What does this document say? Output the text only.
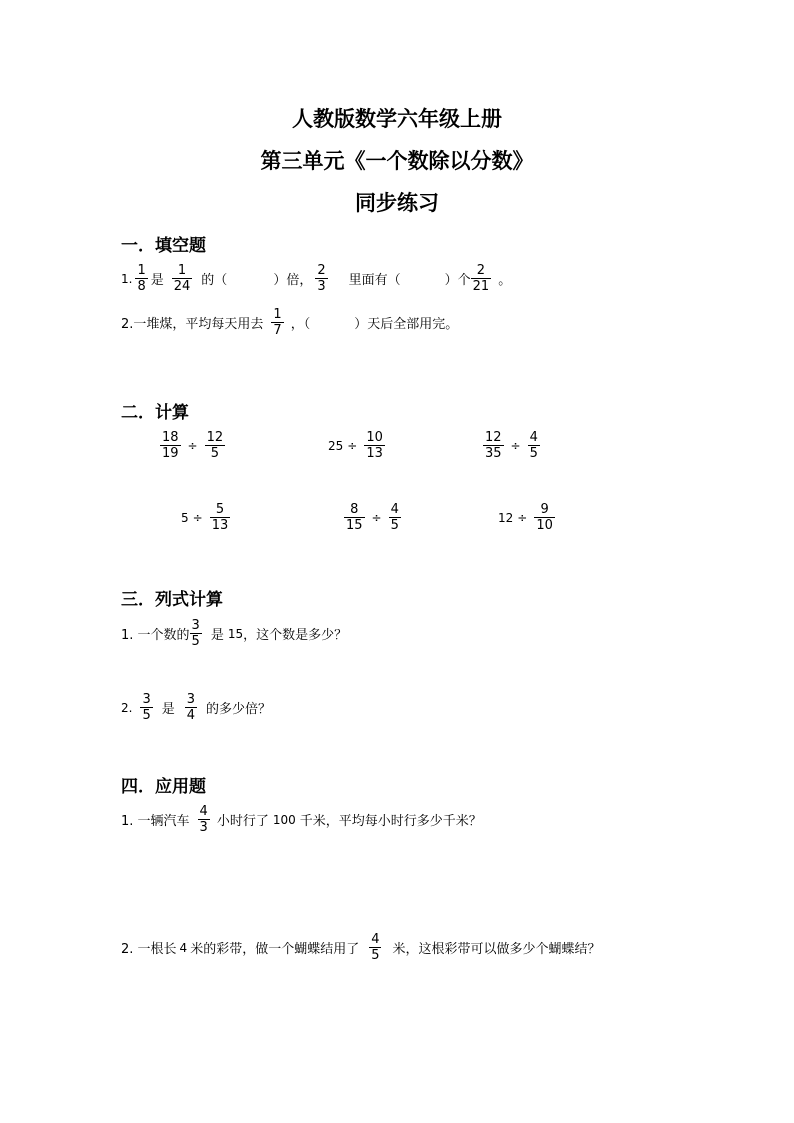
人教版数学六年级上册
第三单元《一个数除以分数》
同步练习
一．填空题
1. $\frac{1}{8}$ 是 $\frac{1}{24}$ 的（	）倍， $\frac{2}{3}$ 里面有（	）个 $\frac{2}{21}$ 。
2.一堆煤，平均每天用去 $\frac{1}{7}$ ，（	）天后全部用完。
二．计算
$\frac{18}{19} \div \frac{12}{5}$	$25 \div \frac{10}{13}$	$\frac{12}{35} \div \frac{4}{5}$
$5 \div \frac{5}{13}$	$\frac{8}{15} \div \frac{4}{5}$	$12 \div \frac{9}{10}$
三．列式计算
1. 一个数的 $\frac{3}{5}$ 是 15 ，这个数是多少？
2. $\frac{3}{5}$ 是 $\frac{3}{4}$ 的多少倍？
四．应用题
1. 一辆汽车 $\frac{4}{3}$ 小时行了 100 千米，平均每小时行多少千米？
2. 一根长 4 米的彩带，做一个蝴蝶结用了 $\frac{4}{5}$ 米，这根彩带可以做多少个蝴蝶结？
